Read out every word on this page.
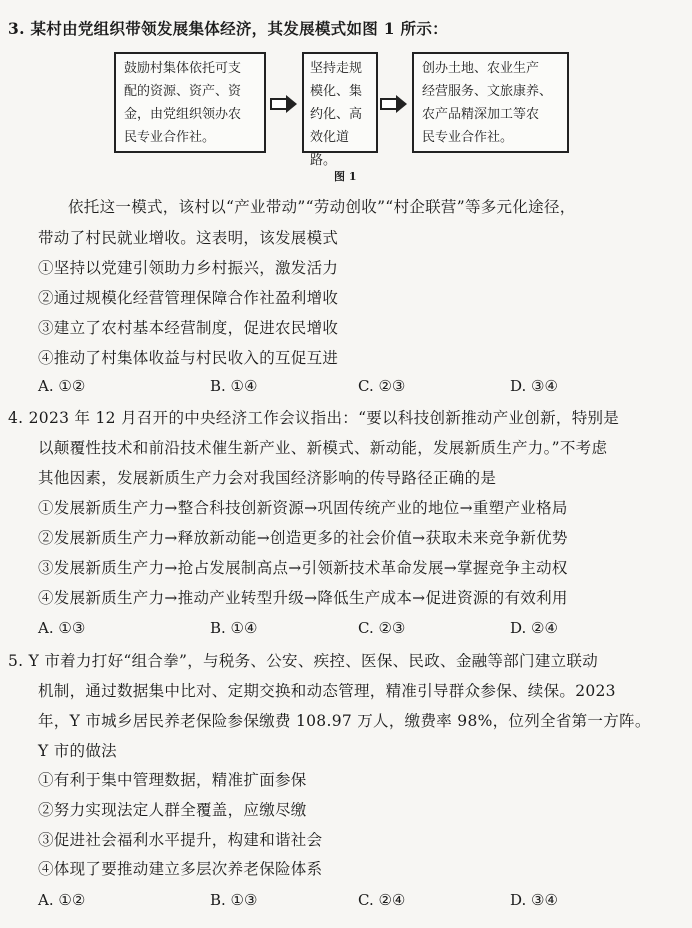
3. 某村由党组织带领发展集体经济，其发展模式如图 1 所示：
鼓励村集体依托可支
配的资源、资产、资
金，由党组织领办农
民专业合作社。
坚持走规
模化、集
约化、高
效化道路。
创办土地、农业生产
经营服务、文旅康养、
农产品精深加工等农
民专业合作社。
图 1
依托这一模式，该村以“产业带动”“劳动创收”“村企联营”等多元化途径，
带动了村民就业增收。这表明，该发展模式
①坚持以党建引领助力乡村振兴，激发活力
②通过规模化经营管理保障合作社盈利增收
③建立了农村基本经营制度，促进农民增收
④推动了村集体收益与村民收入的互促互进
A. ①②	B. ①④	C. ②③	D. ③④
4. 2023 年 12 月召开的中央经济工作会议指出：“要以科技创新推动产业创新，特别是
以颠覆性技术和前沿技术催生新产业、新模式、新动能，发展新质生产力。”不考虑
其他因素，发展新质生产力会对我国经济影响的传导路径正确的是
①发展新质生产力→整合科技创新资源→巩固传统产业的地位→重塑产业格局
②发展新质生产力→释放新动能→创造更多的社会价值→获取未来竞争新优势
③发展新质生产力→抢占发展制高点→引领新技术革命发展→掌握竞争主动权
④发展新质生产力→推动产业转型升级→降低生产成本→促进资源的有效利用
A. ①③	B. ①④	C. ②③	D. ②④
5. Y 市着力打好“组合拳”，与税务、公安、疾控、医保、民政、金融等部门建立联动
机制，通过数据集中比对、定期交换和动态管理，精准引导群众参保、续保。2023
年，Y 市城乡居民养老保险参保缴费 108.97 万人，缴费率 98%，位列全省第一方阵。
Y 市的做法
①有利于集中管理数据，精准扩面参保
②努力实现法定人群全覆盖，应缴尽缴
③促进社会福利水平提升，构建和谐社会
④体现了要推动建立多层次养老保险体系
A. ①②	B. ①③	C. ②④	D. ③④
